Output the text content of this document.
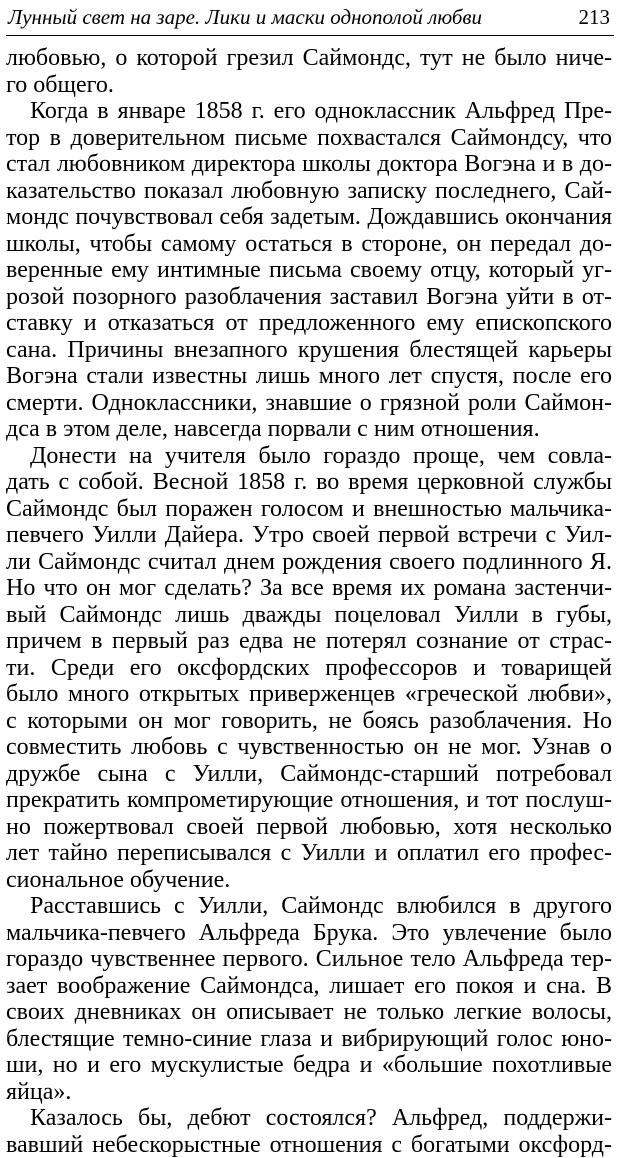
Лунный свет на заре. Лики и маски однополой любви	213
любовью, о которой грезил Саймондс, тут не было ниче-
го общего.
Когда в январе 1858 г. его одноклассник Альфред Пре-
тор в доверительном письме похвастался Саймондсу, что
стал любовником директора школы доктора Вогэна и в до-
казательство показал любовную записку последнего, Сай-
мондс почувствовал себя задетым. Дождавшись окончания
школы, чтобы самому остаться в стороне, он передал до-
веренные ему интимные письма своему отцу, который уг-
розой позорного разоблачения заставил Вогэна уйти в от-
ставку и отказаться от предложенного ему епископского
сана. Причины внезапного крушения блестящей карьеры
Вогэна стали известны лишь много лет спустя, после его
смерти. Одноклассники, знавшие о грязной роли Саймон-
дса в этом деле, навсегда порвали с ним отношения.
Донести на учителя было гораздо проще, чем совла-
дать с собой. Весной 1858 г. во время церковной службы
Саймондс был поражен голосом и внешностью мальчика-
певчего Уилли Дайера. Утро своей первой встречи с Уил-
ли Саймондс считал днем рождения своего подлинного Я.
Но что он мог сделать? За все время их романа застенчи-
вый Саймондс лишь дважды поцеловал Уилли в губы,
причем в первый раз едва не потерял сознание от страс-
ти. Среди его оксфордских профессоров и товарищей
было много открытых приверженцев «греческой любви»,
с которыми он мог говорить, не боясь разоблачения. Но
совместить любовь с чувственностью он не мог. Узнав о
дружбе сына с Уилли, Саймондс-старший потребовал
прекратить компрометирующие отношения, и тот послуш-
но пожертвовал своей первой любовью, хотя несколько
лет тайно переписывался с Уилли и оплатил его профес-
сиональное обучение.
Расставшись с Уилли, Саймондс влюбился в другого
мальчика-певчего Альфреда Брука. Это увлечение было
гораздо чувственнее первого. Сильное тело Альфреда тер-
зает воображение Саймондса, лишает его покоя и сна. В
своих дневниках он описывает не только легкие волосы,
блестящие темно-синие глаза и вибрирующий голос юно-
ши, но и его мускулистые бедра и «большие похотливые
яйца».
Казалось бы, дебют состоялся? Альфред, поддержи-
вавший небескорыстные отношения с богатыми оксфорд-
